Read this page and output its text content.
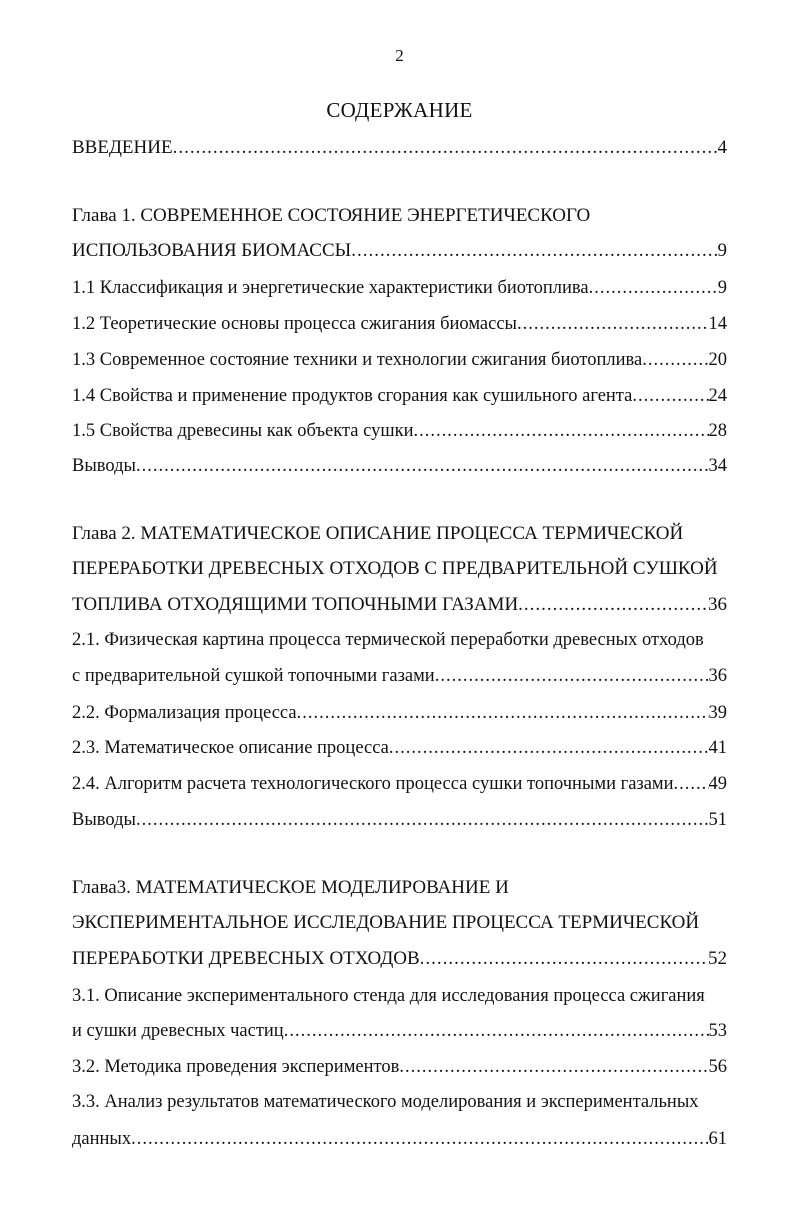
2
СОДЕРЖАНИЕ
ВВЕДЕНИЕ .....	4
Глава 1. СОВРЕМЕННОЕ СОСТОЯНИЕ ЭНЕРГЕТИЧЕСКОГО
ИСПОЛЬЗОВАНИЯ БИОМАССЫ .....	9
1.1 Классификация и энергетические характеристики биотоплива .....	9
1.2 Теоретические основы процесса сжигания биомассы .....	14
1.3 Современное состояние техники и технологии сжигания биотоплива .....	20
1.4 Свойства и применение продуктов сгорания как сушильного агента .....	24
1.5 Свойства древесины как объекта сушки .....	28
Выводы .....	34
Глава 2. МАТЕМАТИЧЕСКОЕ ОПИСАНИЕ ПРОЦЕССА ТЕРМИЧЕСКОЙ
ПЕРЕРАБОТКИ ДРЕВЕСНЫХ ОТХОДОВ С ПРЕДВАРИТЕЛЬНОЙ СУШКОЙ
ТОПЛИВА ОТХОДЯЩИМИ ТОПОЧНЫМИ ГАЗАМИ .....	36
2.1. Физическая картина процесса термической переработки древесных отходов
с предварительной сушкой топочными газами .....	36
2.2. Формализация процесса .....	39
2.3. Математическое описание процесса .....	41
2.4. Алгоритм расчета технологического процесса сушки топочными газами ..... 49
Выводы .....	51
Глава3. МАТЕМАТИЧЕСКОЕ МОДЕЛИРОВАНИЕ И
ЭКСПЕРИМЕНТАЛЬНОЕ ИССЛЕДОВАНИЕ ПРОЦЕССА ТЕРМИЧЕСКОЙ
ПЕРЕРАБОТКИ ДРЕВЕСНЫХ ОТХОДОВ .....	52
3.1. Описание экспериментального стенда для исследования процесса сжигания
и сушки древесных частиц .....	53
3.2. Методика проведения экспериментов .....	56
3.3. Анализ результатов математического моделирования и экспериментальных
данных .....	61
